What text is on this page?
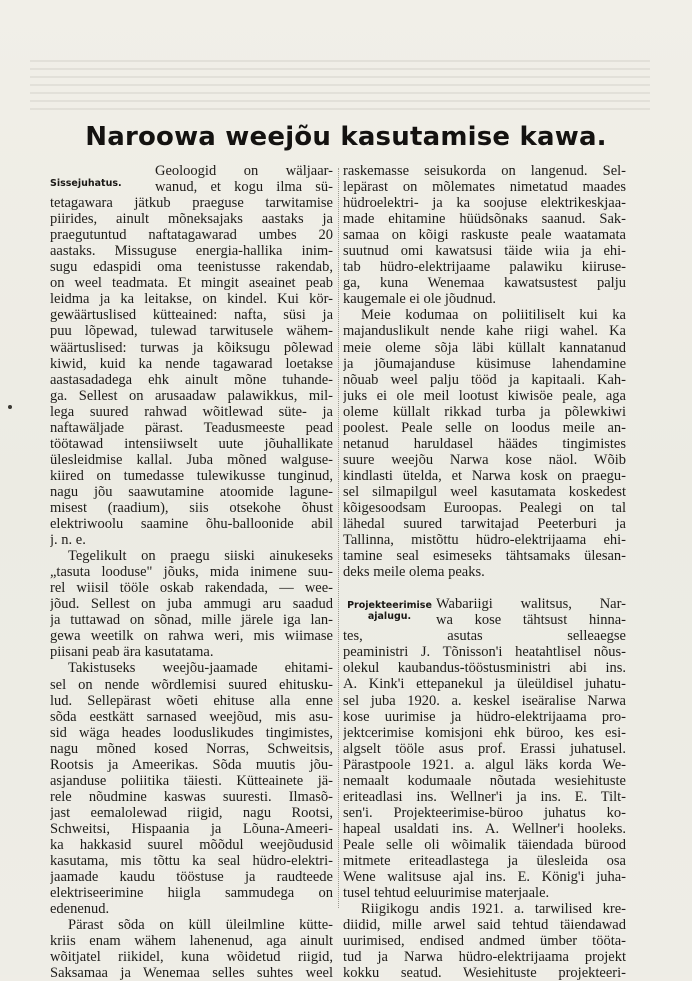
Naroowa weejõu kasutamise kawa.
Sissejuhatus.
Geoloogid on wäljaar-
wanud, et kogu ilma sü-
tetagawara jätkub praeguse tarwitamise
piirides, ainult mõneksajaks aastaks ja
praegutuntud naftatagawarad umbes 20
aastaks. Missuguse energia-hallika inim-
sugu edaspidi oma teenistusse rakendab,
on weel teadmata. Et mingit aseainet peab
leidma ja ka leitakse, on kindel. Kui kör-
gewäärtuslised kütteained: nafta, süsi ja
puu lõpewad, tulewad tarwitusele wähem-
wäärtuslised: turwas ja kõiksugu põlewad
kiwid, kuid ka nende tagawarad loetakse
aastasadadega ehk ainult mõne tuhande-
ga. Sellest on arusaadaw palawikkus, mil-
lega suured rahwad wõitlewad süte- ja
naftawäljade pärast. Teadusmeeste pead
töötawad intensiiwselt uute jõuhallikate
ülesleidmise kallal. Juba mõned walguse-
kiired on tumedasse tulewikusse tunginud,
nagu jõu saawutamine atoomide lagune-
misest (raadium), siis otsekohe õhust
elektriwoolu saamine õhu-balloonide abil
j. n. e.
Tegelikult on praegu siiski ainukeseks
„tasuta looduse" jõuks, mida inimene suu-
rel wiisil tööle oskab rakendada, — wee-
jõud. Sellest on juba ammugi aru saadud
ja tuttawad on sõnad, mille järele iga lan-
gewa weetilk on rahwa weri, mis wiimase
piisani peab ära kasutatama.
Takistuseks weejõu-jaamade ehitami-
sel on nende wõrdlemisi suured ehitusku-
lud. Sellepärast wõeti ehituse alla enne
sõda eestkätt sarnased weejõud, mis asu-
sid wäga heades looduslikudes tingimistes,
nagu mõned kosed Norras, Schweitsis,
Rootsis ja Ameerikas. Sõda muutis jõu-
asjanduse poliitika täiesti. Kütteainete jä-
rele nõudmine kaswas suuresti. Ilmasõ-
jast eemalolewad riigid, nagu Rootsi,
Schweitsi, Hispaania ja Lõuna-Ameeri-
ka hakkasid suurel mõõdul weejõudusid
kasutama, mis tõttu ka seal hüdro-elektri-
jaamade kaudu tööstuse ja raudteede
elektriseerimine hiigla sammudega on
edenenud.
Pärast sõda on küll üleilmline kütte-
kriis enam wähem lahenenud, aga ainult
wõitjatel riikidel, kuna wõidetud riigid,
Saksamaa ja Wenemaa selles suhtes weel
raskemasse seisukorda on langenud. Sel-
lepärast on mõlemates nimetatud maades
hüdroelektri- ja ka soojuse elektrikeskjaa-
made ehitamine hüüdsõnaks saanud. Sak-
samaa on kõigi raskuste peale waatamata
suutnud omi kawatsusi täide wiia ja ehi-
tab hüdro-elektrijaame palawiku kiiruse-
ga, kuna Wenemaa kawatsustest palju
kaugemale ei ole jõudnud.
Meie kodumaa on poliitiliselt kui ka
majanduslikult nende kahe riigi wahel. Ka
meie oleme sõja läbi küllalt kannatanud
ja jõumajanduse küsimuse lahendamine
nõuab weel palju tööd ja kapitaali. Kah-
juks ei ole meil lootust kiwisöe peale, aga
oleme küllalt rikkad turba ja põlewkiwi
poolest. Peale selle on loodus meile an-
netanud haruldasel häädes tingimistes
suure weejõu Narwa kose näol. Wõib
kindlasti ütelda, et Narwa kosk on praegu-
sel silmapilgul weel kasutamata koskedest
kõigesoodsam Euroopas. Pealegi on tal
lähedal suured tarwitajad Peeterburi ja
Tallinna, mistõttu hüdro-elektrijaama ehi-
tamine seal esimeseks tähtsamaks ülesan-
deks meile olema peaks.
Projekteerimise
ajalugu.
Wabariigi walitsus, Nar-
wa kose tähtsust hinna-
tes, asutas selleaegse
peaministri J. Tõnisson'i heatahtlisel nõus-
olekul kaubandus-tööstusministri abi ins.
A. Kink'i ettepanekul ja üleüldisel juhatu-
sel juba 1920. a. keskel iseäralise Narwa
kose uurimise ja hüdro-elektrijaama pro-
jektcerimise komisjoni ehk büroo, kes esi-
algselt tööle asus prof. Erassi juhatusel.
Pärastpoole 1921. a. algul läks korda We-
nemaalt kodumaale nõutada wesiehituste
eriteadlasi ins. Wellner'i ja ins. E. Tilt-
sen'i. Projekteerimise-büroo juhatus ko-
hapeal usaldati ins. A. Wellner'i hooleks.
Peale selle oli wõimalik täiendada bürood
mitmete eriteadlastega ja ülesleida osa
Wene walitsuse ajal ins. E. König'i juha-
tusel tehtud eeluurimise materjaale.
Riigikogu andis 1921. a. tarwilised kre-
diidid, mille arwel said tehtud täiendawad
uurimised, endised andmed ümber tööta-
tud ja Narwa hüdro-elektrijaama projekt
kokku seatud. Wesiehituste projekteeri-
